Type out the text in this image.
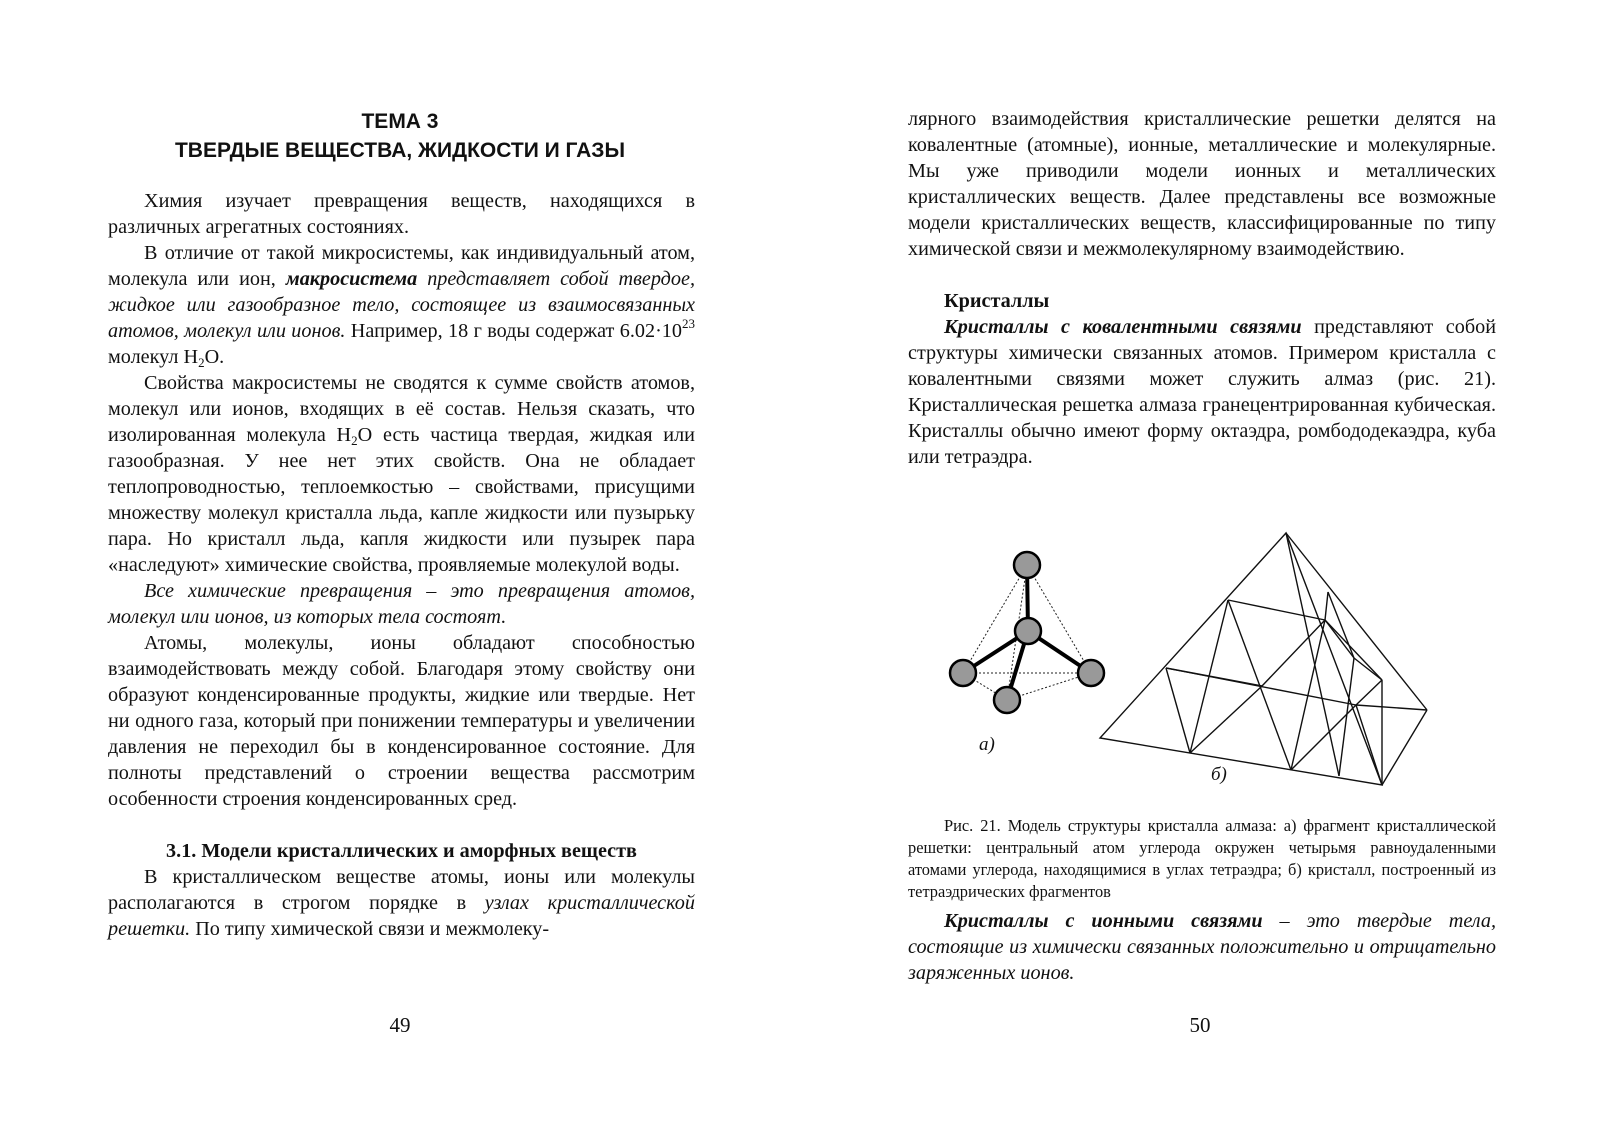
ТЕМА 3
ТВЕРДЫЕ ВЕЩЕСТВА, ЖИДКОСТИ И ГАЗЫ

Химия изучает превращения веществ, находящихся в различных агрегатных состояниях.

В отличие от такой микросистемы, как индивидуальный атом, молекула или ион, макросистема представляет собой твердое, жидкое или газообразное тело, состоящее из взаимосвязанных атомов, молекул или ионов. Например, 18 г воды содержат $6.02\cdot 10^{23}$ молекул $H_2O$.

Свойства макросистемы не сводятся к сумме свойств атомов, молекул или ионов, входящих в её состав. Нельзя сказать, что изолированная молекула $H_2O$ есть частица твердая, жидкая или газообразная. У нее нет этих свойств. Она не обладает теплопроводностью, теплоемкостью – свойствами, присущими множеству молекул кристалла льда, капле жидкости или пузырьку пара. Но кристалл льда, капля жидкости или пузырек пара «наследуют» химические свойства, проявляемые молекулой воды.

Все химические превращения – это превращения атомов, молекул или ионов, из которых тела состоят.

Атомы, молекулы, ионы обладают способностью взаимодействовать между собой. Благодаря этому свойству они образуют конденсированные продукты, жидкие или твердые. Нет ни одного газа, который при понижении температуры и увеличении давления не переходил бы в конденсированное состояние. Для полноты представлений о строении вещества рассмотрим особенности строения конденсированных сред.

3.1. Модели кристаллических и аморфных веществ

В кристаллическом веществе атомы, ионы или молекулы располагаются в строгом порядке в узлах кристаллической решетки. По типу химической связи и межмолеку-

49

лярного взаимодействия кристаллические решетки делятся на ковалентные (атомные), ионные, металлические и молекулярные. Мы уже приводили модели ионных и металлических кристаллических веществ. Далее представлены все возможные модели кристаллических веществ, классифицированные по типу химической связи и межмолекулярному взаимодействию.

Кристаллы

Кристаллы с ковалентными связями представляют собой структуры химически связанных атомов. Примером кристалла с ковалентными связями может служить алмаз (рис. 21). Кристаллическая решетка алмаза гранецентрированная кубическая. Кристаллы обычно имеют форму октаэдра, ромбододекаэдра, куба или тетраэдра.

а)
б)

Рис. 21. Модель структуры кристалла алмаза: а) фрагмент кристаллической решетки: центральный атом углерода окружен четырьмя равноудаленными атомами углерода, находящимися в углах тетраэдра; б) кристалл, построенный из тетраэдрических фрагментов

Кристаллы с ионными связями – это твердые тела, состоящие из химически связанных положительно и отрицательно заряженных ионов.

50
